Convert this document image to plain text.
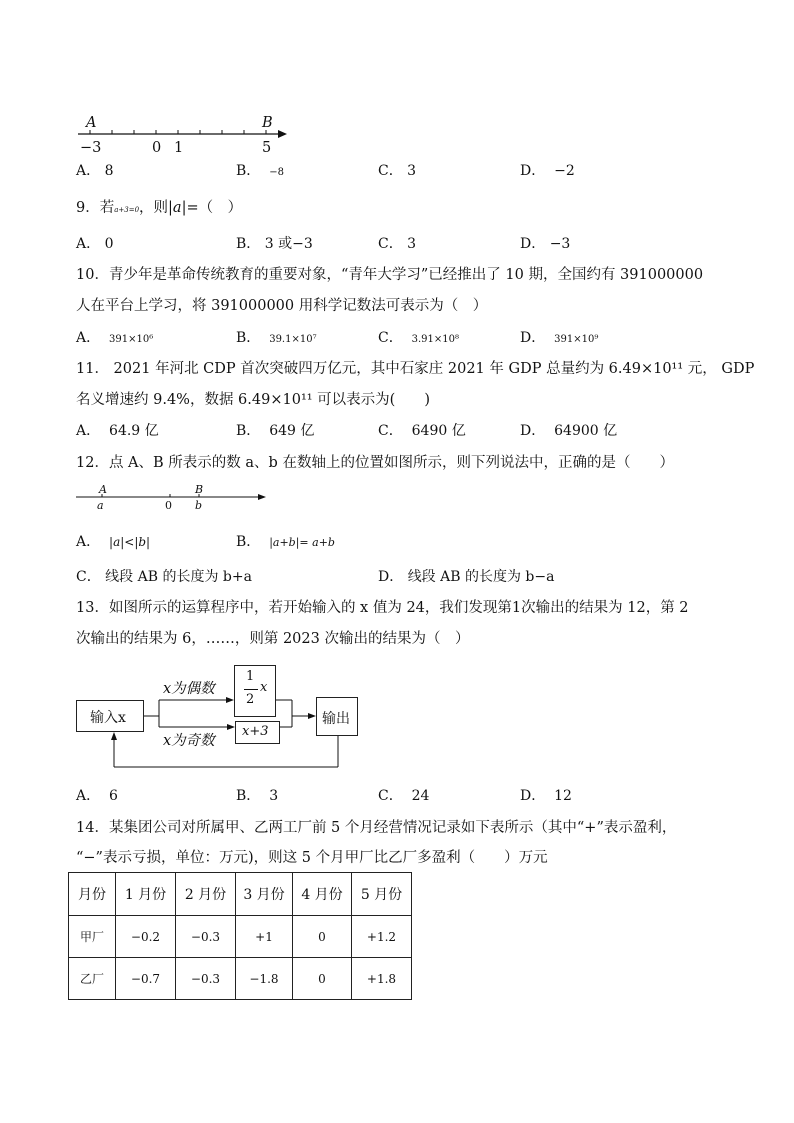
A	B
−3	0 1	5
A． 8	B． −8	C． 3	D． −2
9．若a+3=0，则|a|=（　）
A． 0	B． 3 或−3	C． 3	D． −3
10．青少年是革命传统教育的重要对象，“青年大学习”已经推出了 10 期，全国约有 391000000
人在平台上学习，将 391000000 用科学记数法可表示为（　）
A． 391×10⁶	B． 39.1×10⁷	C． 3.91×10⁸	D． 391×10⁹
11． 2021 年河北 CDP 首次突破四万亿元，其中石家庄 2021 年 GDP 总量约为 6.49×10¹¹ 元， GDP
名义增速约 9.4%，数据 6.49×10¹¹ 可以表示为(　　)
A． 64.9 亿	B． 649 亿	C． 6490 亿	D． 64900 亿
12．点 A、B 所表示的数 a、b 在数轴上的位置如图所示，则下列说法中，正确的是（　　）
A
a	0
B
b
A． |a|<|b|	B． |a+b|= a+b
C． 线段 AB 的长度为 b+a	D． 线段 AB 的长度为 b−a
13．如图所示的运算程序中，若开始输入的 x 值为 24，我们发现第1次输出的结果为 12，第 2
次输出的结果为 6，……，则第 2023 次输出的结果为（　）
输入x
x为偶数
1
2
x
x+3
x为奇数
输出
A． 6	B． 3	C． 24	D． 12
14．某集团公司对所属甲、乙两工厂前 5 个月经营情况记录如下表所示（其中“+”表示盈利，
“−”表示亏损，单位：万元)，则这 5 个月甲厂比乙厂多盈利（　　）万元
月份	1 月份	2 月份	3 月份	4 月份	5 月份
甲厂	−0.2	−0.3	+1	0	+1.2
乙厂	−0.7	−0.3	−1.8	0	+1.8
